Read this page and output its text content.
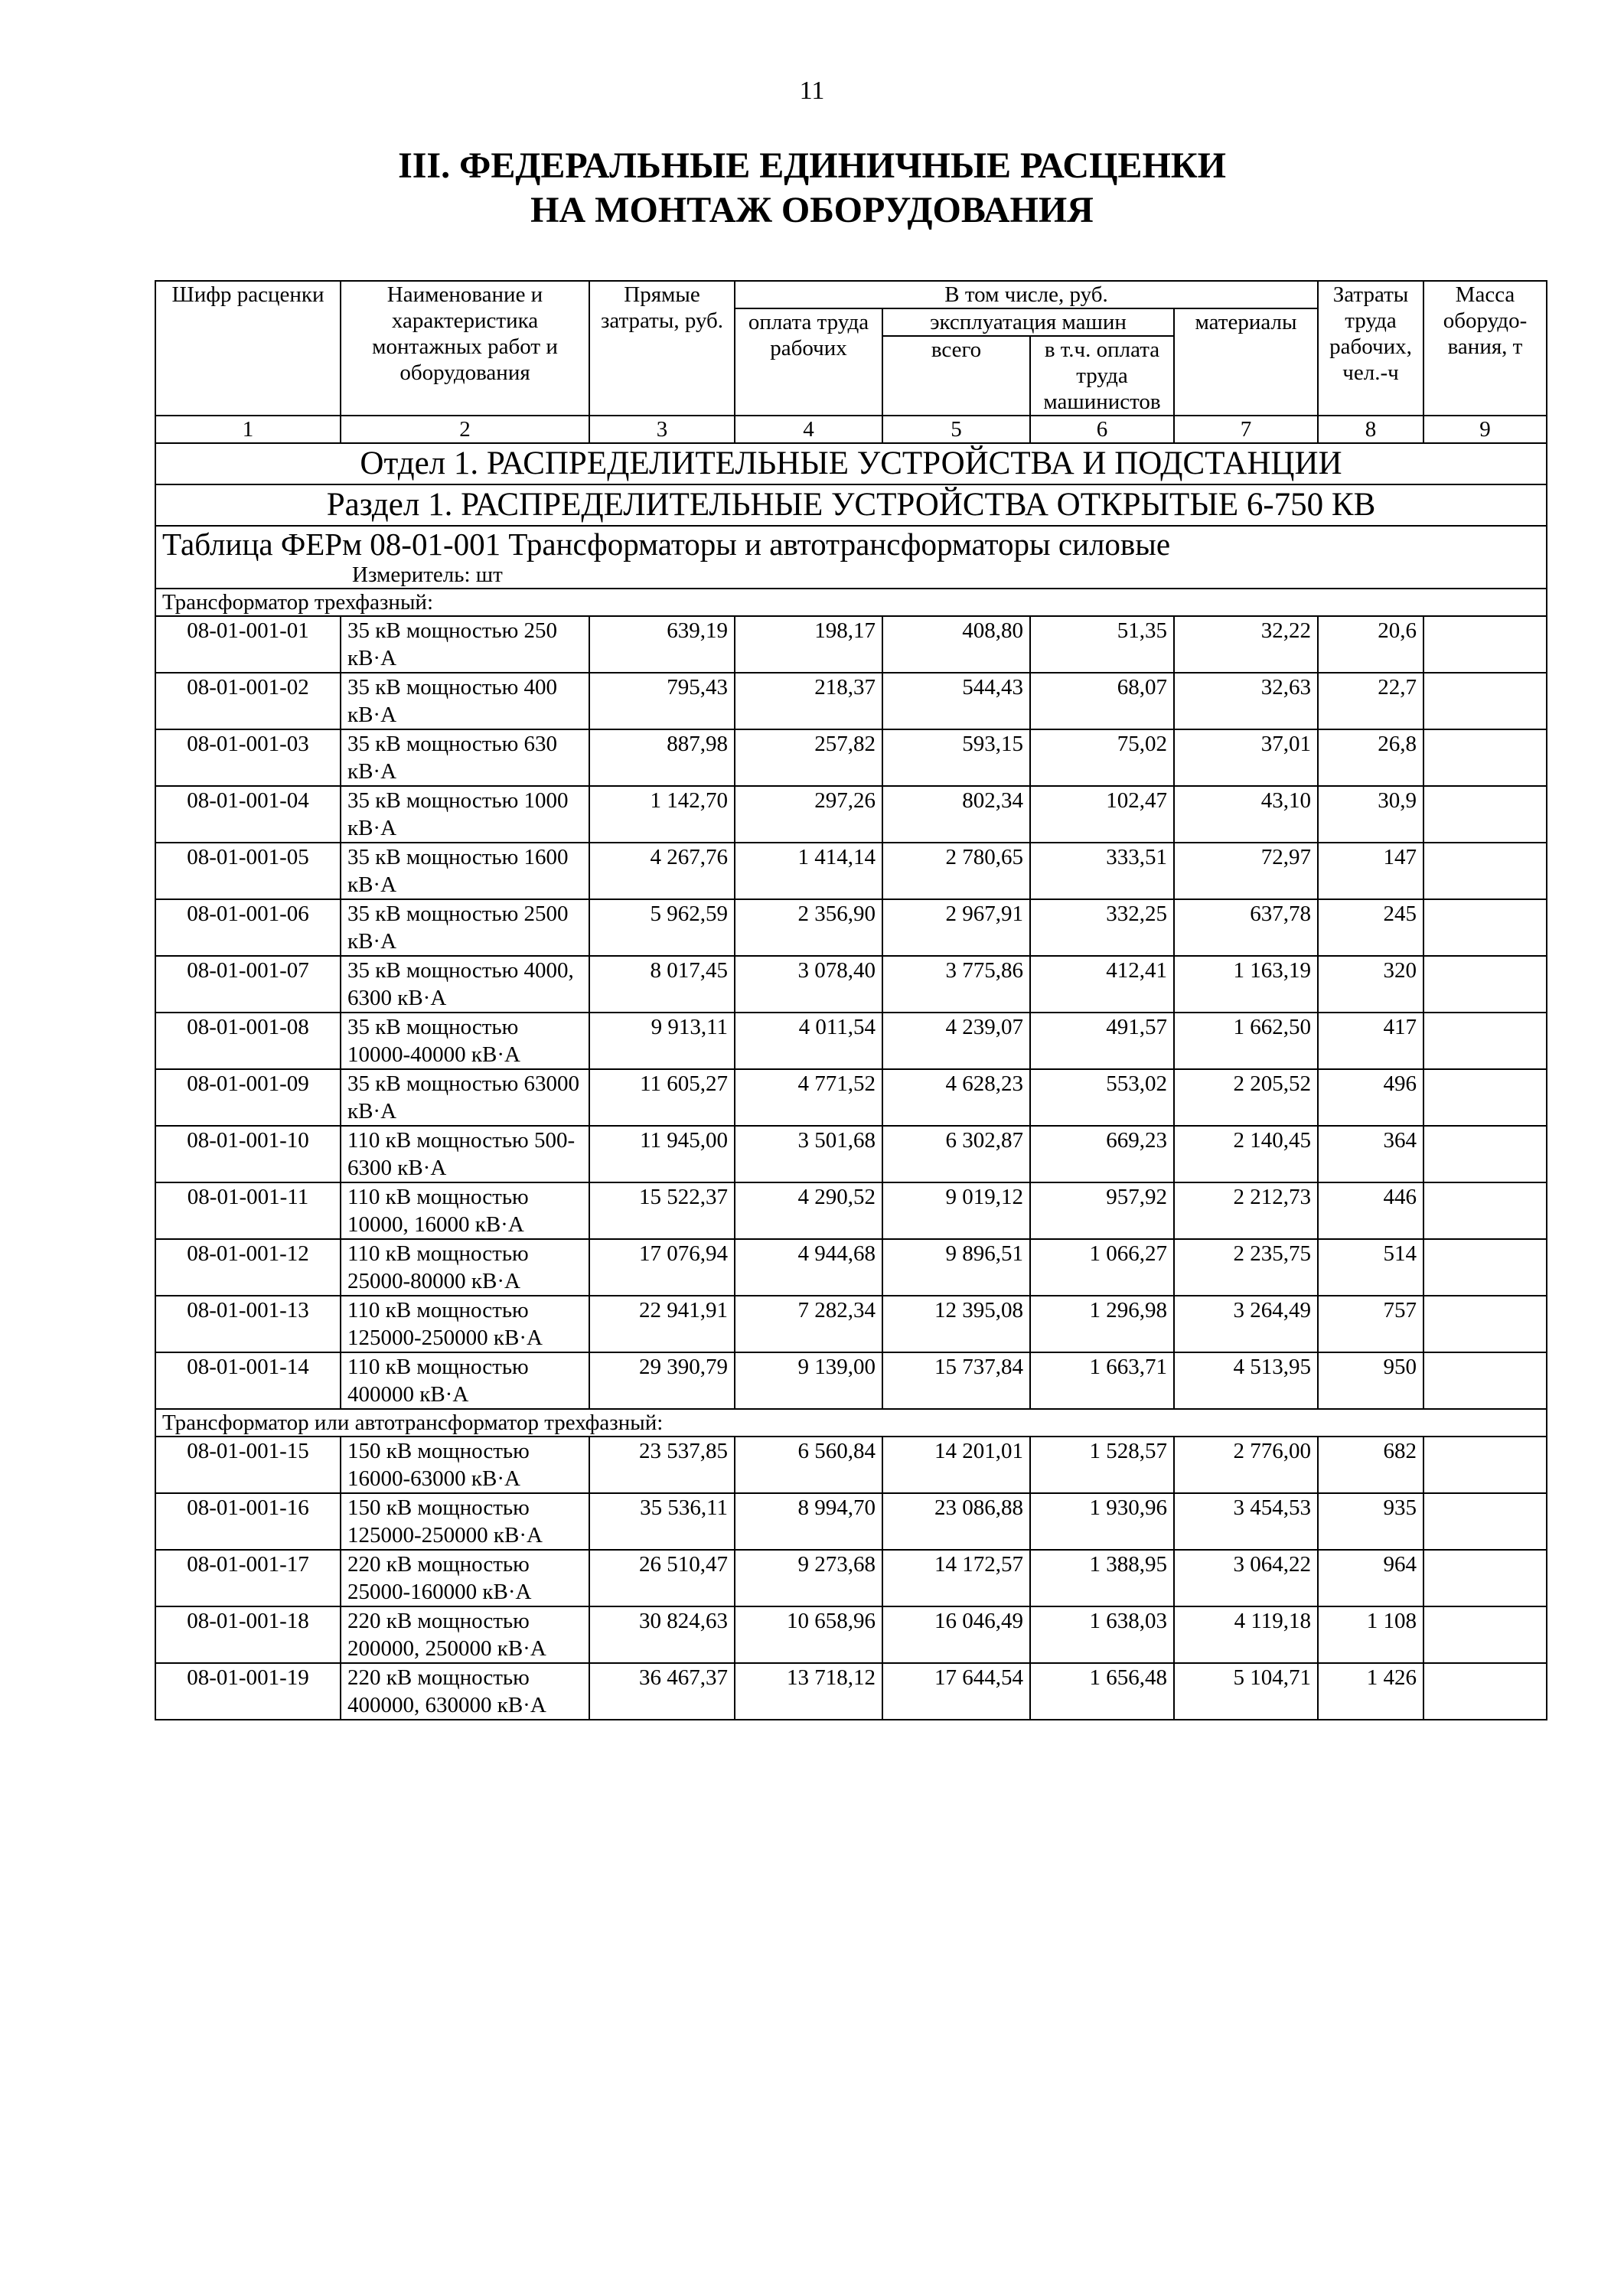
11
III. ФЕДЕРАЛЬНЫЕ ЕДИНИЧНЫЕ РАСЦЕНКИ
НА МОНТАЖ ОБОРУДОВАНИЯ
Шифр расценки	Наименование и характеристика монтажных работ и оборудования	Прямые затраты, руб.	В том числе, руб.				Затраты труда рабочих, чел.-ч	Масса оборудо- вания, т
			оплата труда рабочих	эксплуатация машин		материалы		
				всего	в т.ч. оплата труда машинистов			
1	2	3	4	5	6	7	8	9
Отдел 1. РАСПРЕДЕЛИТЕЛЬНЫЕ УСТРОЙСТВА И ПОДСТАНЦИИ								
Раздел 1. РАСПРЕДЕЛИТЕЛЬНЫЕ УСТРОЙСТВА ОТКРЫТЫЕ 6-750 КВ								
Таблица ФЕРм 08-01-001 Трансформаторы и автотрансформаторы силовые
Измеритель: шт								

Трансформатор трехфазный:								
08-01-001-01	35 кВ мощностью 250 кВ·А	639,19	198,17	408,80	51,35	32,22	20,6	
08-01-001-02	35 кВ мощностью 400 кВ·А	795,43	218,37	544,43	68,07	32,63	22,7	
08-01-001-03	35 кВ мощностью 630 кВ·А	887,98	257,82	593,15	75,02	37,01	26,8	
08-01-001-04	35 кВ мощностью 1000 кВ·А	1 142,70	297,26	802,34	102,47	43,10	30,9	
08-01-001-05	35 кВ мощностью 1600 кВ·А	4 267,76	1 414,14	2 780,65	333,51	72,97	147	
08-01-001-06	35 кВ мощностью 2500 кВ·А	5 962,59	2 356,90	2 967,91	332,25	637,78	245	
08-01-001-07	35 кВ мощностью 4000, 6300 кВ·А	8 017,45	3 078,40	3 775,86	412,41	1 163,19	320	
08-01-001-08	35 кВ мощностью 10000-40000 кВ·А	9 913,11	4 011,54	4 239,07	491,57	1 662,50	417	
08-01-001-09	35 кВ мощностью 63000 кВ·А	11 605,27	4 771,52	4 628,23	553,02	2 205,52	496	
08-01-001-10	110 кВ мощностью 500-6300 кВ·А	11 945,00	3 501,68	6 302,87	669,23	2 140,45	364	
08-01-001-11	110 кВ мощностью 10000, 16000 кВ·А	15 522,37	4 290,52	9 019,12	957,92	2 212,73	446	
08-01-001-12	110 кВ мощностью 25000-80000 кВ·А	17 076,94	4 944,68	9 896,51	1 066,27	2 235,75	514	
08-01-001-13	110 кВ мощностью 125000-250000 кВ·А	22 941,91	7 282,34	12 395,08	1 296,98	3 264,49	757	
08-01-001-14	110 кВ мощностью 400000 кВ·А	29 390,79	9 139,00	15 737,84	1 663,71	4 513,95	950	
Трансформатор или автотрансформатор трехфазный:								
08-01-001-15	150 кВ мощностью 16000-63000 кВ·А	23 537,85	6 560,84	14 201,01	1 528,57	2 776,00	682	
08-01-001-16	150 кВ мощностью 125000-250000 кВ·А	35 536,11	8 994,70	23 086,88	1 930,96	3 454,53	935	
08-01-001-17	220 кВ мощностью 25000-160000 кВ·А	26 510,47	9 273,68	14 172,57	1 388,95	3 064,22	964	
08-01-001-18	220 кВ мощностью 200000, 250000 кВ·А	30 824,63	10 658,96	16 046,49	1 638,03	4 119,18	1 108	
08-01-001-19	220 кВ мощностью 400000, 630000 кВ·А	36 467,37	13 718,12	17 644,54	1 656,48	5 104,71	1 426	
